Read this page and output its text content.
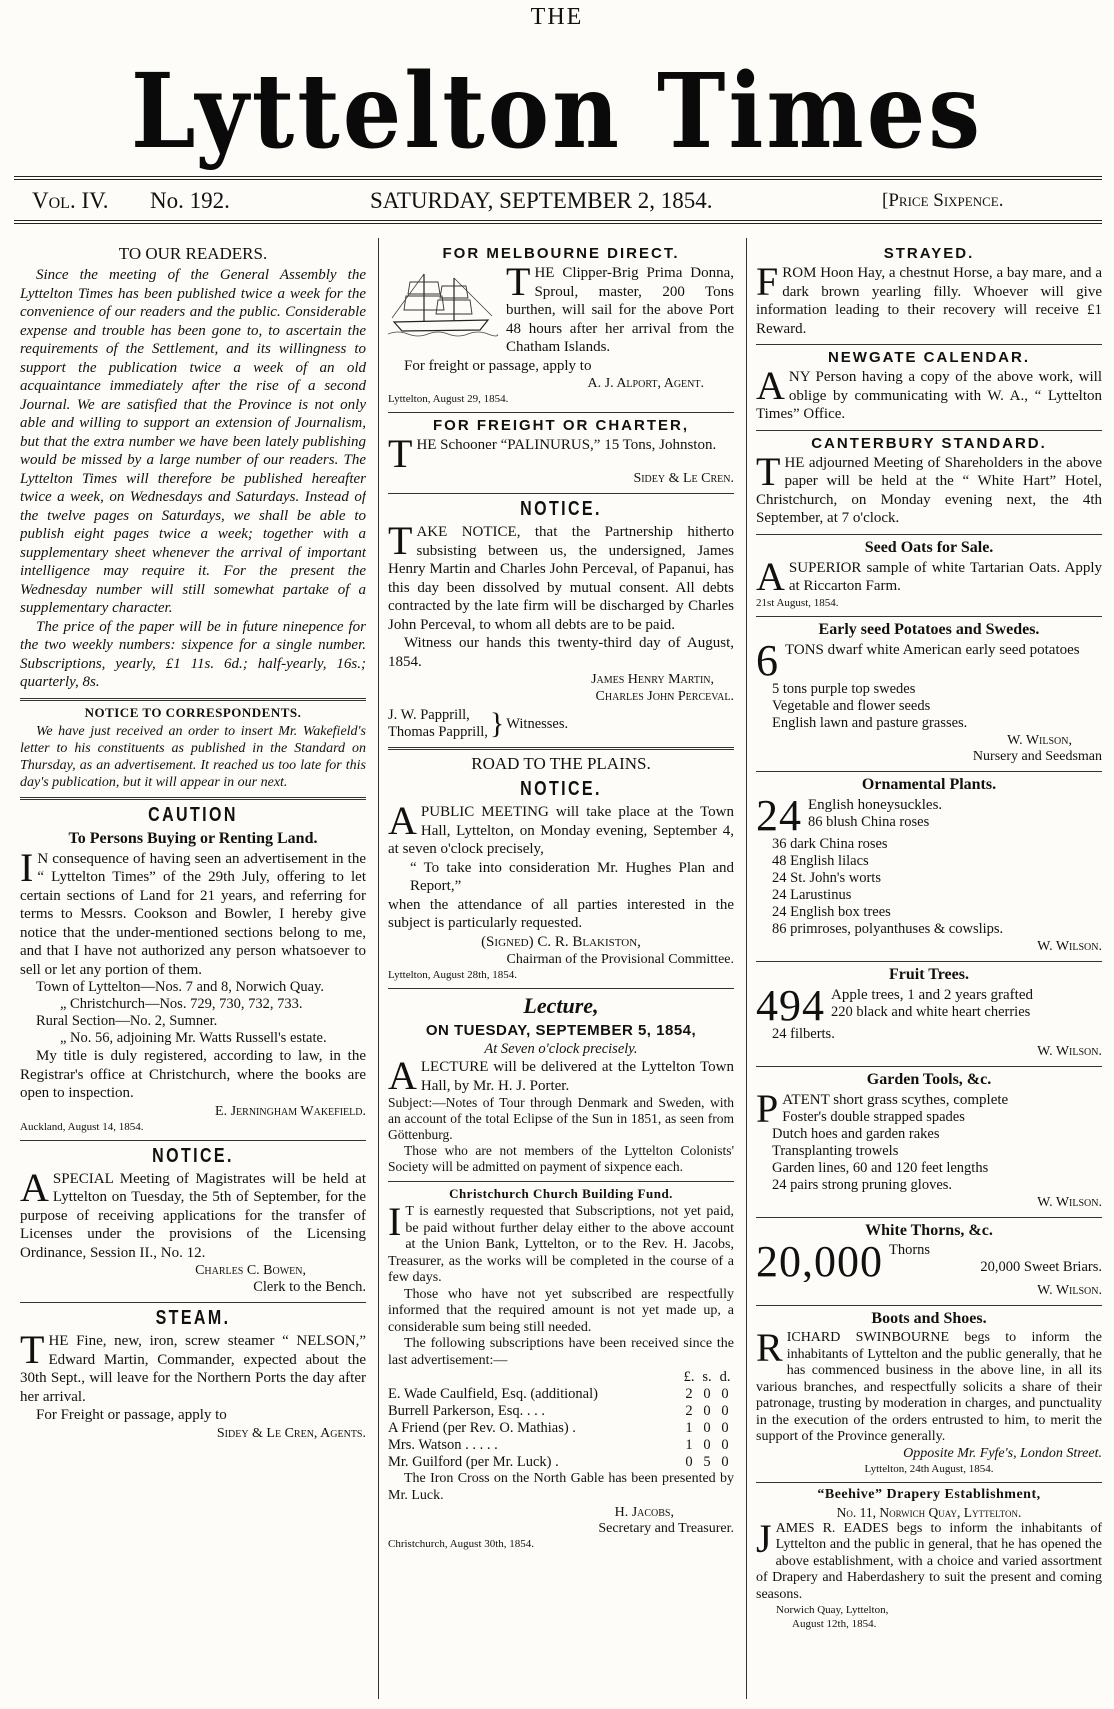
THE
Lyttelton Times
Vol. IV. No. 192.	SATURDAY, SEPTEMBER 2, 1854.	[Price Sixpence.
TO OUR READERS.

Since the meeting of the General Assembly the Lyttelton Times has been published twice a week for the convenience of our readers and the public. Considerable expense and trouble has been gone to, to ascertain the requirements of the Settlement, and its willingness to support the publication twice a week of an old acquaintance immediately after the rise of a second Journal. We are satisfied that the Province is not only able and willing to support an extension of Journalism, but that the extra number we have been lately publishing would be missed by a large number of our readers. The Lyttelton Times will therefore be published hereafter twice a week, on Wednesdays and Saturdays. Instead of the twelve pages on Saturdays, we shall be able to publish eight pages twice a week; together with a supplementary sheet whenever the arrival of important intelligence may require it. For the present the Wednesday number will still somewhat partake of a supplementary character.

The price of the paper will be in future ninepence for the two weekly numbers: sixpence for a single number. Subscriptions, yearly, £1 11s. 6d.; half-yearly, 16s.; quarterly, 8s.

NOTICE TO CORRESPONDENTS.

We have just received an order to insert Mr. Wakefield's letter to his constituents as published in the Standard on Thursday, as an advertisement. It reached us too late for this day's publication, but it will appear in our next.

CAUTION
To Persons Buying or Renting Land.

I N consequence of having seen an advertisement in the “ Lyttelton Times” of the 29th July, offering to let certain sections of Land for 21 years, and referring for terms to Messrs. Cookson and Bowler, I hereby give notice that the under-mentioned sections belong to me, and that I have not authorized any person whatsoever to sell or let any portion of them.

Town of Lyttelton—Nos. 7 and 8, Norwich Quay.

„ Christchurch—Nos. 729, 730, 732, 733.

Rural Section—No. 2, Sumner.

„ No. 56, adjoining Mr. Watts Russell's estate.

My title is duly registered, according to law, in the Registrar's office at Christchurch, where the books are open to inspection.

E. Jerningham Wakefield.
Auckland, August 14, 1854.
NOTICE.

ASPECIAL Meeting of Magistrates will be held at Lyttelton on Tuesday, the 5th of September, for the purpose of receiving applications for the transfer of Licenses under the provisions of the Licensing Ordinance, Session II., No. 12.

Charles C. Bowen,
Clerk to the Bench.
STEAM.

THE Fine, new, iron, screw steamer “ NELSON,” Edward Martin, Commander, expected about the 30th Sept., will leave for the Northern Ports the day after her arrival.

For Freight or passage, apply to

Sidey & Le Cren, Agents.
FOR MELBOURNE DIRECT.

THE Clipper-Brig Prima Donna, Sproul, master, 200 Tons burthen, will sail for the above Port 48 hours after her arrival from the Chatham Islands.

For freight or passage, apply to

A. J. Alport, Agent.
Lyttelton, August 29, 1854.
FOR FREIGHT OR CHARTER,

THE Schooner “PALINURUS,” 15 Tons, Johnston.

Sidey & Le Cren.
NOTICE.

TAKE NOTICE, that the Partnership hitherto subsisting between us, the undersigned, James Henry Martin and Charles John Perceval, of Papanui, has this day been dissolved by mutual consent. All debts contracted by the late firm will be discharged by Charles John Perceval, to whom all debts are to be paid.

Witness our hands this twenty-third day of August, 1854.

James Henry Martin,
Charles John Perceval.
J. W. Papprill,
Thomas Papprill, } Witnesses.
ROAD TO THE PLAINS.
NOTICE.

APUBLIC MEETING will take place at the Town Hall, Lyttelton, on Monday evening, September 4, at seven o'clock precisely,

“ To take into consideration Mr. Hughes Plan and Report,”

when the attendance of all parties interested in the subject is particularly requested.

(Signed) C. R. Blakiston,

Chairman of the Provisional Committee.
Lyttelton, August 28th, 1854.
Lecture,
ON TUESDAY, SEPTEMBER 5, 1854,
At Seven o'clock precisely.

ALECTURE will be delivered at the Lyttelton Town Hall, by Mr. H. J. Porter.

Subject:—Notes of Tour through Denmark and Sweden, with an account of the total Eclipse of the Sun in 1851, as seen from Göttenburg.

Those who are not members of the Lyttelton Colonists' Society will be admitted on payment of sixpence each.

Christchurch Church Building Fund.

I T is earnestly requested that Subscriptions, not yet paid, be paid without further delay either to the above account at the Union Bank, Lyttelton, or to the Rev. H. Jacobs, Treasurer, as the works will be completed in the course of a few days.

Those who have not yet subscribed are respectfully informed that the required amount is not yet made up, a considerable sum being still needed.

The following subscriptions have been received since the last advertisement:—

	£.	s.	d.
E. Wade Caulfield, Esq. (additional)	2	0	0
Burrell Parkerson, Esq. . . .	2	0	0
A Friend (per Rev. O. Mathias) .	1	0	0
Mrs. Watson . . . . .	1	0	0
Mr. Guilford (per Mr. Luck) .	0	5	0

The Iron Cross on the North Gable has been presented by Mr. Luck.

H. Jacobs,
Secretary and Treasurer.
Christchurch, August 30th, 1854.
STRAYED.

FROM Hoon Hay, a chestnut Horse, a bay mare, and a dark brown yearling filly. Whoever will give information leading to their recovery will receive £1 Reward.

NEWGATE CALENDAR.

ANY Person having a copy of the above work, will oblige by communicating with W. A., “ Lyttelton Times” Office.

CANTERBURY STANDARD.

THE adjourned Meeting of Shareholders in the above paper will be held at the “ White Hart” Hotel, Christchurch, on Monday evening next, the 4th September, at 7 o'clock.

Seed Oats for Sale.

ASUPERIOR sample of white Tartarian Oats. Apply at Riccarton Farm.

21st August, 1854.
Early seed Potatoes and Swedes.

6 TONS dwarf white American early seed potatoes

5 tons purple top swedes

Vegetable and flower seeds

English lawn and pasture grasses.

W. Wilson,
Nursery and Seedsman
Ornamental Plants.

24 English honeysuckles.

86 blush China roses

36 dark China roses

48 English lilacs

24 St. John's worts

24 Larustinus

24 English box trees

86 primroses, polyanthuses & cowslips.

W. Wilson.
Fruit Trees.

494 Apple trees, 1 and 2 years grafted

220 black and white heart cherries

24 filberts.

W. Wilson.
Garden Tools, &c.

PATENT short grass scythes, complete

Foster's double strapped spades

Dutch hoes and garden rakes

Transplanting trowels

Garden lines, 60 and 120 feet lengths

24 pairs strong pruning gloves.

W. Wilson.
White Thorns, &c.
20,000 Thorns
20,000 Sweet Briars.
W. Wilson.
Boots and Shoes.

RICHARD SWINBOURNE begs to inform the inhabitants of Lyttelton and the public generally, that he has commenced business in the above line, in all its various branches, and respectfully solicits a share of their patronage, trusting by moderation in charges, and punctuality in the execution of the orders entrusted to him, to merit the support of the Province generally.

Opposite Mr. Fyfe's, London Street.
Lyttelton, 24th August, 1854.
“Beehive” Drapery Establishment,
No. 11, Norwich Quay, Lyttelton.

JAMES R. EADES begs to inform the inhabitants of Lyttelton and the public in general, that he has opened the above establishment, with a choice and varied assortment of Drapery and Haberdashery to suit the present and coming seasons.

Norwich Quay, Lyttelton,
August 12th, 1854.
